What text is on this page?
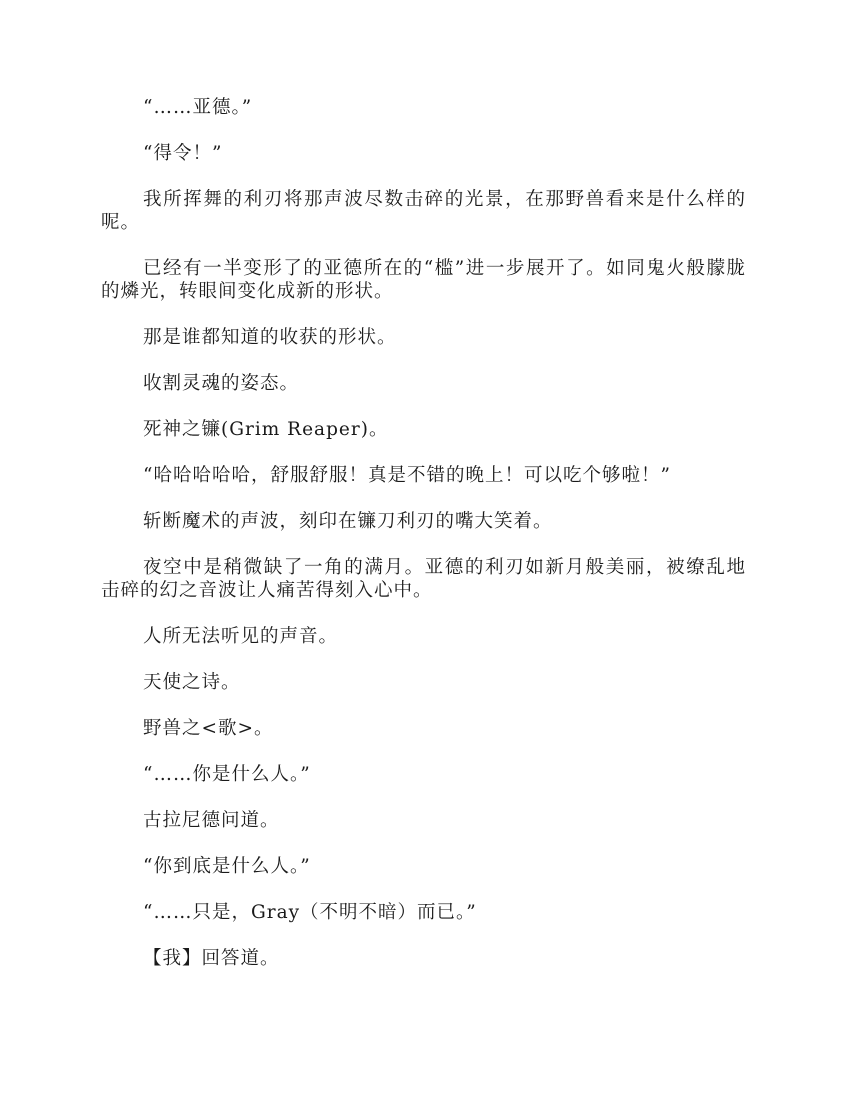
“……亚德。”

“得令！”

我所挥舞的利刃将那声波尽数击碎的光景，在那野兽看来是什么样的呢。

已经有一半变形了的亚德所在的“槛”进一步展开了。如同鬼火般朦胧的燐光，转眼间变化成新的形状。

那是谁都知道的收获的形状。

收割灵魂的姿态。

死神之镰(Grim Reaper)。

“哈哈哈哈哈，舒服舒服！真是不错的晚上！可以吃个够啦！”

斩断魔术的声波，刻印在镰刀利刃的嘴大笑着。

夜空中是稍微缺了一角的满月。亚德的利刃如新月般美丽，被缭乱地击碎的幻之音波让人痛苦得刻入心中。

人所无法听见的声音。

天使之诗。

野兽之<歌>。

“……你是什么人。”

古拉尼德问道。

“你到底是什么人。”

“……只是，Gray（不明不暗）而已。”

【我】回答道。
